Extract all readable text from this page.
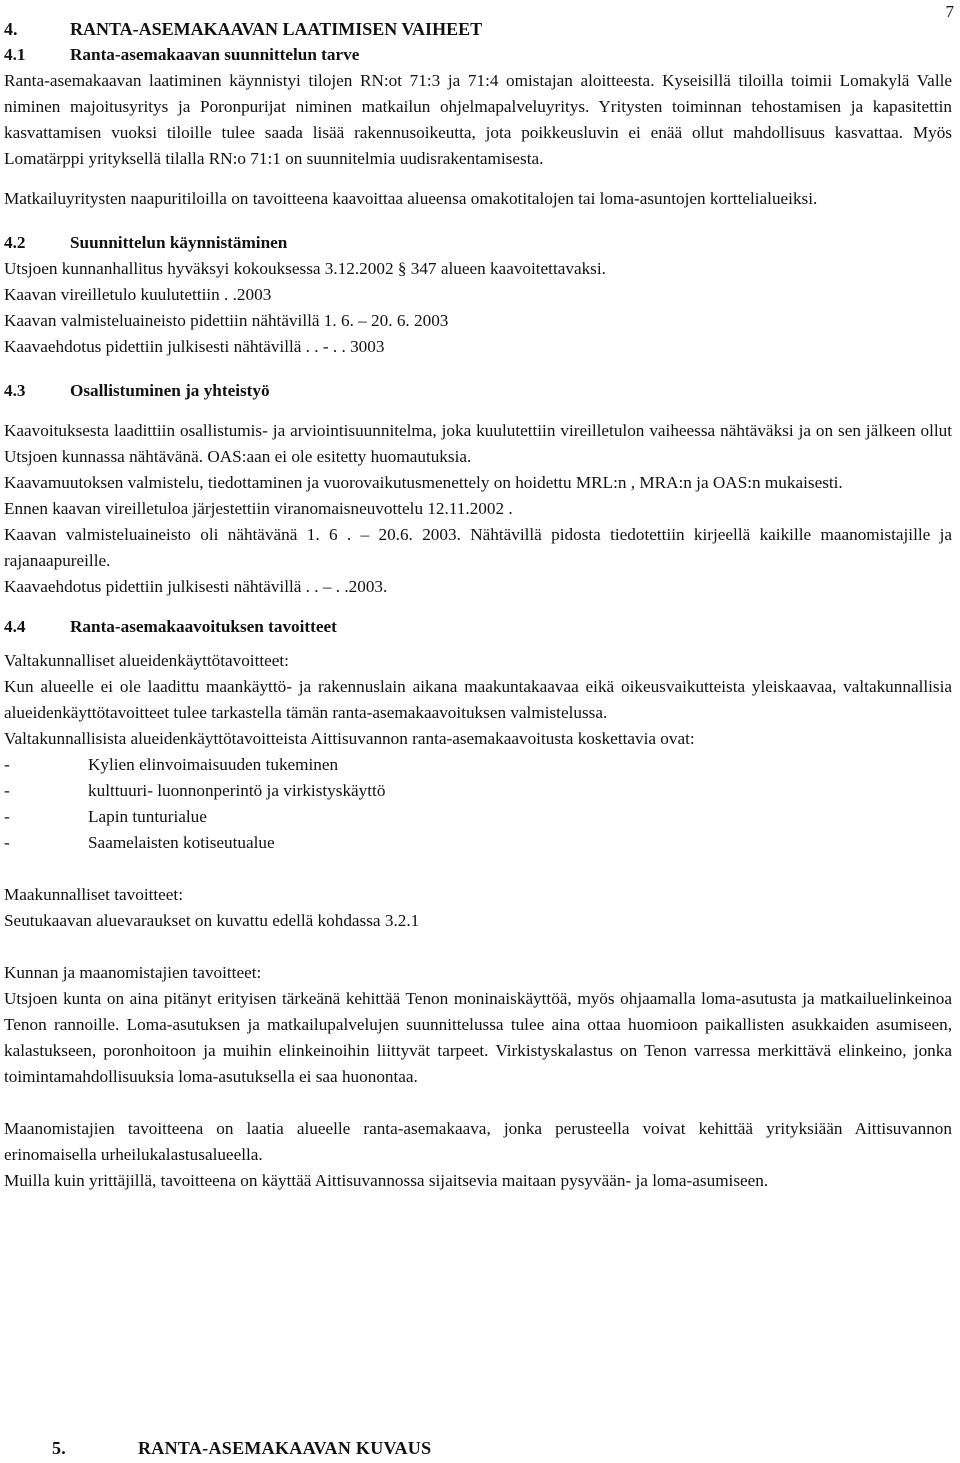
7
4.	RANTA-ASEMAKAAVAN LAATIMISEN VAIHEET
4.1	Ranta-asemakaavan suunnittelun tarve

Ranta-asemakaavan laatiminen käynnistyi tilojen RN:ot 71:3 ja 71:4 omistajan aloitteesta. Kyseisillä tiloilla toimii Lomakylä Valle niminen majoitusyritys ja Poronpurijat niminen matkailun ohjelmapalveluyritys. Yritysten toiminnan tehostamisen ja kapasitettin kasvattamisen vuoksi tiloille tulee saada lisää rakennusoikeutta, jota poikkeusluvin ei enää ollut mahdollisuus kasvattaa. Myös Lomatärppi yrityksellä tilalla RN:o 71:1 on suunnitelmia uudisrakentamisesta.

Matkailuyritysten naapuritiloilla on tavoitteena kaavoittaa alueensa omakotitalojen tai loma-asuntojen korttelialueiksi.

4.2	Suunnittelun käynnistäminen

Utsjoen kunnanhallitus hyväksyi kokouksessa 3.12.2002 § 347 alueen kaavoitettavaksi.

Kaavan vireilletulo kuulutettiin . .2003

Kaavan valmisteluaineisto pidettiin nähtävillä 1. 6. – 20. 6. 2003

Kaavaehdotus pidettiin julkisesti nähtävillä . . - . . 3003

4.3	Osallistuminen ja yhteistyö

Kaavoituksesta laadittiin osallistumis- ja arviointisuunnitelma, joka kuulutettiin vireilletulon vaiheessa nähtäväksi ja on sen jälkeen ollut Utsjoen kunnassa nähtävänä. OAS:aan ei ole esitetty huomautuksia.

Kaavamuutoksen valmistelu, tiedottaminen ja vuorovaikutusmenettely on hoidettu MRL:n , MRA:n ja OAS:n mukaisesti.

Ennen kaavan vireilletuloa järjestettiin viranomaisneuvottelu 12.11.2002 .

Kaavan valmisteluaineisto oli nähtävänä 1. 6 . – 20.6. 2003. Nähtävillä pidosta tiedotettiin kirjeellä kaikille maanomistajille ja rajanaapureille.

Kaavaehdotus pidettiin julkisesti nähtävillä . . – . .2003.

4.4	Ranta-asemakaavoituksen tavoitteet

Valtakunnalliset alueidenkäyttötavoitteet:

Kun alueelle ei ole laadittu maankäyttö- ja rakennuslain aikana maakuntakaavaa eikä oikeusvaikutteista yleiskaavaa, valtakunnallisia alueidenkäyttötavoitteet tulee tarkastella tämän ranta-asemakaavoituksen valmistelussa.

Valtakunnallisista alueidenkäyttötavoitteista Aittisuvannon ranta-asemakaavoitusta koskettavia ovat:

-	Kylien elinvoimaisuuden tukeminen
-	kulttuuri- luonnonperintö ja virkistyskäyttö
-	Lapin tunturialue
-	Saamelaisten kotiseutualue

Maakunnalliset tavoitteet:

Seutukaavan aluevaraukset on kuvattu edellä kohdassa 3.2.1

Kunnan ja maanomistajien tavoitteet:

Utsjoen kunta on aina pitänyt erityisen tärkeänä kehittää Tenon moninaiskäyttöä, myös ohjaamalla loma-asutusta ja matkailuelinkeinoa Tenon rannoille. Loma-asutuksen ja matkailupalvelujen suunnittelussa tulee aina ottaa huomioon paikallisten asukkaiden asumiseen, kalastukseen, poronhoitoon ja muihin elinkeinoihin liittyvät tarpeet. Virkistyskalastus on Tenon varressa merkittävä elinkeino, jonka toimintamahdollisuuksia loma-asutuksella ei saa huonontaa.

Maanomistajien tavoitteena on laatia alueelle ranta-asemakaava, jonka perusteella voivat kehittää yrityksiään Aittisuvannon erinomaisella urheilukalastusalueella.

Muilla kuin yrittäjillä, tavoitteena on käyttää Aittisuvannossa sijaitsevia maitaan pysyvään- ja loma-asumiseen.

5.	RANTA-ASEMAKAAVAN KUVAUS
